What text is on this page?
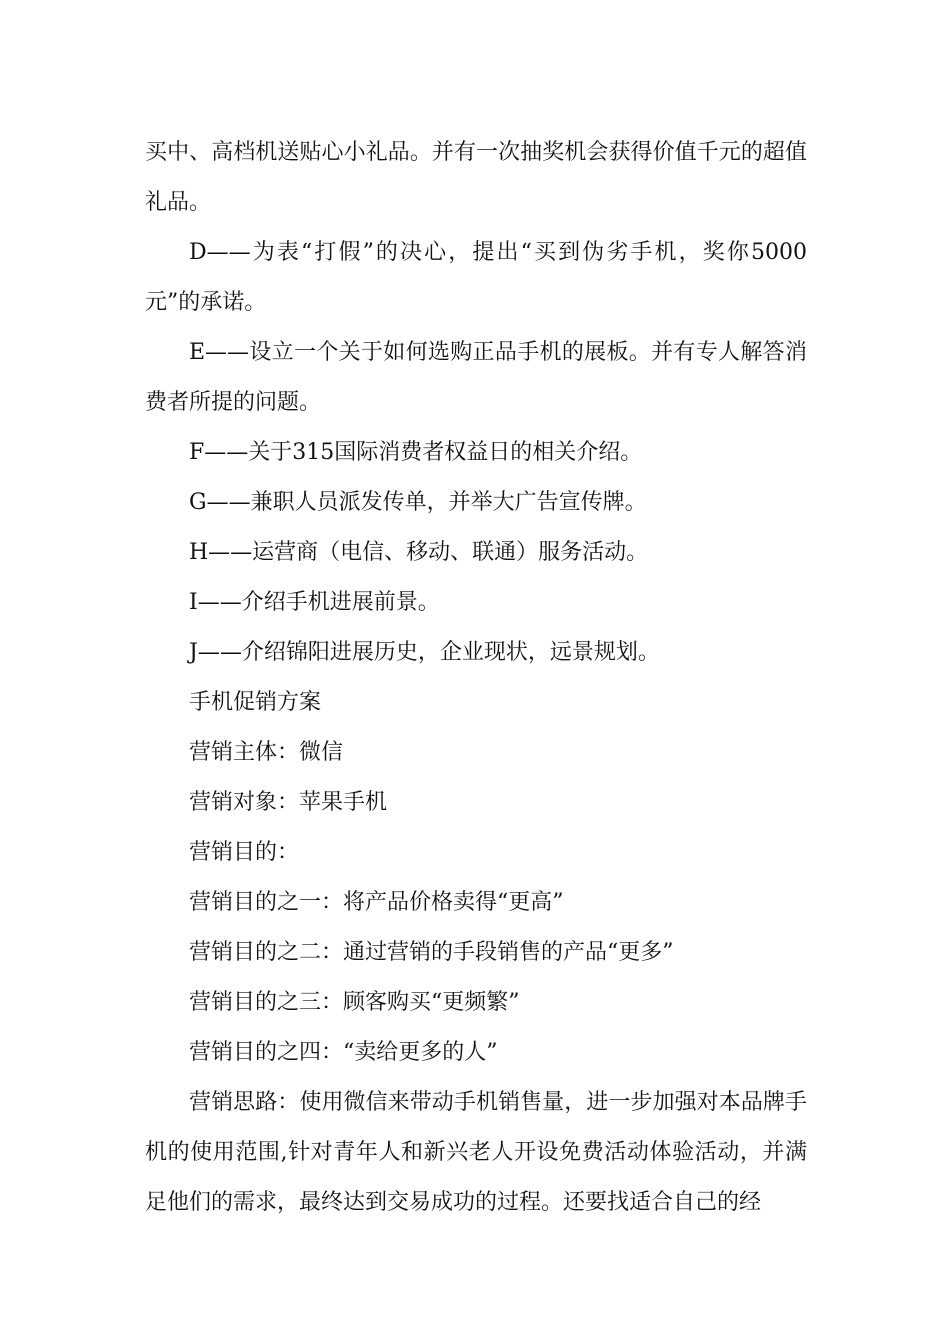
买中、高档机送贴心小礼品。并有一次抽奖机会获得价值千元的超值礼品。

D——为表“打假”的决心，提出“买到伪劣手机，奖你5000元”的承诺。

E——设立一个关于如何选购正品手机的展板。并有专人解答消费者所提的问题。

F——关于315国际消费者权益日的相关介绍。

G——兼职人员派发传单，并举大广告宣传牌。

H——运营商（电信、移动、联通）服务活动。

I——介绍手机进展前景。

J——介绍锦阳进展历史，企业现状，远景规划。

手机促销方案

营销主体：微信

营销对象：苹果手机

营销目的：

营销目的之一：将产品价格卖得“更高”

营销目的之二：通过营销的手段销售的产品“更多”

营销目的之三：顾客购买“更频繁”

营销目的之四：“卖给更多的人”

营销思路：使用微信来带动手机销售量，进一步加强对本品牌手机的使用范围,针对青年人和新兴老人开设免费活动体验活动，并满足他们的需求，最终达到交易成功的过程。还要找适合自己的经
